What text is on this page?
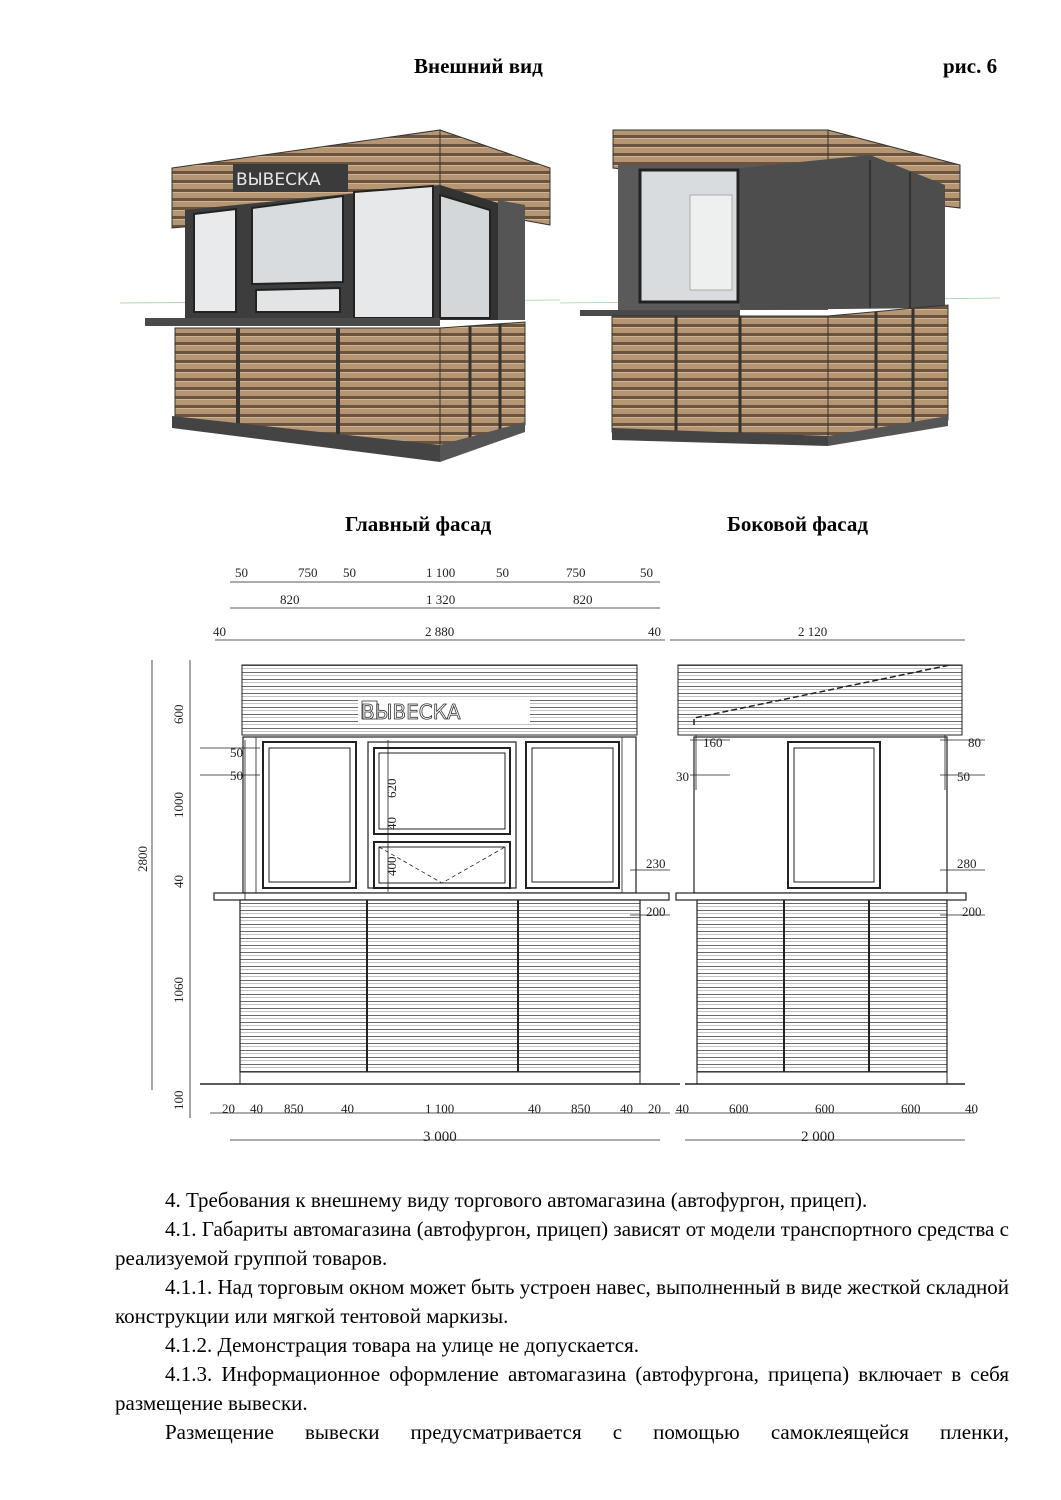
Внешний вид	рис. 6
ВЫВЕСКА
ВЫВЕСКА
50	750 50	1 100	50	750	50
820	1 320	820
40	2 880	40	2 120
600
1000
40
1060
100
2800
50
50
620
40
400	230
200
160
30
80
50
280
200
20 40 850	40	1 100	40 850 40 20 40	600	600	600	40
3 000	2 000
Главный фасад	Боковой фасад

4. Требования к внешнему виду торгового автомагазина (автофургон, прицеп).

4.1. Габариты автомагазина (автофургон, прицеп) зависят от модели транспортного средства с реализуемой группой товаров.

4.1.1. Над торговым окном может быть устроен навес, выполненный в виде жесткой складной конструкции или мягкой тентовой маркизы.

4.1.2. Демонстрация товара на улице не допускается.

4.1.3. Информационное оформление автомагазина (автофургона, прицепа) включает в себя размещение вывески.

Размещение вывески предусматривается с помощью самоклеящейся пленки,
